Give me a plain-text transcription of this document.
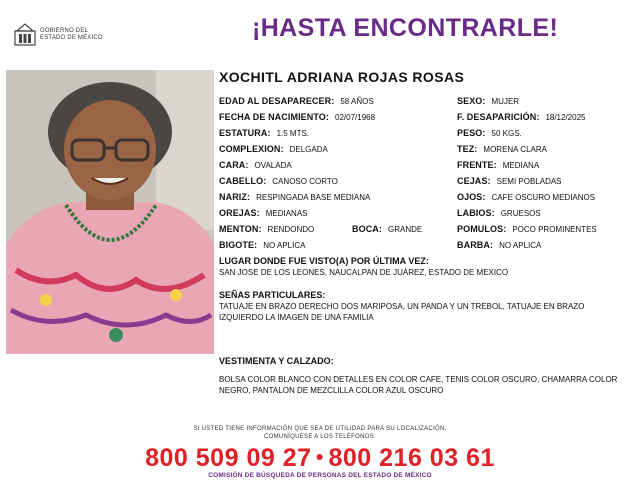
GOBIERNO DEL
ESTADO DE MÉXICO	¡HASTA ENCONTRARLE!
XOCHITL ADRIANA ROJAS ROSAS
EDAD AL DESAPARECER: 58 AÑOS
FECHA DE NACIMIENTO: 02/07/1968
ESTATURA: 1.5 MTS.
COMPLEXION: DELGADA
CARA: OVALADA
CABELLO: CANOSO CORTO
NARIZ: RESPINGADA BASE MEDIANA
OREJAS: MEDIANAS
MENTON: RENDONDO	BOCA: GRANDE
BIGOTE: NO APLICA
SEXO: MUJER
F. DESAPARICIÓN: 18/12/2025
PESO: 50 KGS.
TEZ: MORENA CLARA
FRENTE: MEDIANA
CEJAS: SEMI POBLADAS
OJOS: CAFE OSCURO MEDIANOS
LABIOS: GRUESOS
POMULOS: POCO PROMINENTES
BARBA: NO APLICA
LUGAR DONDE FUE VISTO(A) POR ÚLTIMA VEZ:
SAN JOSE DE LOS LEONES, NAUCALPAN DE JUÁREZ, ESTADO DE MEXICO
SEÑAS PARTICULARES:
TATUAJE EN BRAZO DERECHO DOS MARIPOSA, UN PANDA Y UN TREBOL, TATUAJE EN BRAZO IZQUIERDO LA IMAGEN DE UNA FAMILIA
VESTIMENTA Y CALZADO:
BOLSA COLOR BLANCO CON DETALLES EN COLOR CAFE, TENIS COLOR OSCURO, CHAMARRA COLOR NEGRO, PANTALON DE MEZCLILLA COLOR AZUL OSCURO
SI USTED TIENE INFORMACIÓN QUE SEA DE UTILIDAD PARA SU LOCALIZACIÓN,
COMUNÍQUESE A LOS TELÉFONOS:
800 509 09 27 ● 800 216 03 61
COMISIÓN DE BÚSQUEDA DE PERSONAS DEL ESTADO DE MÉXICO
